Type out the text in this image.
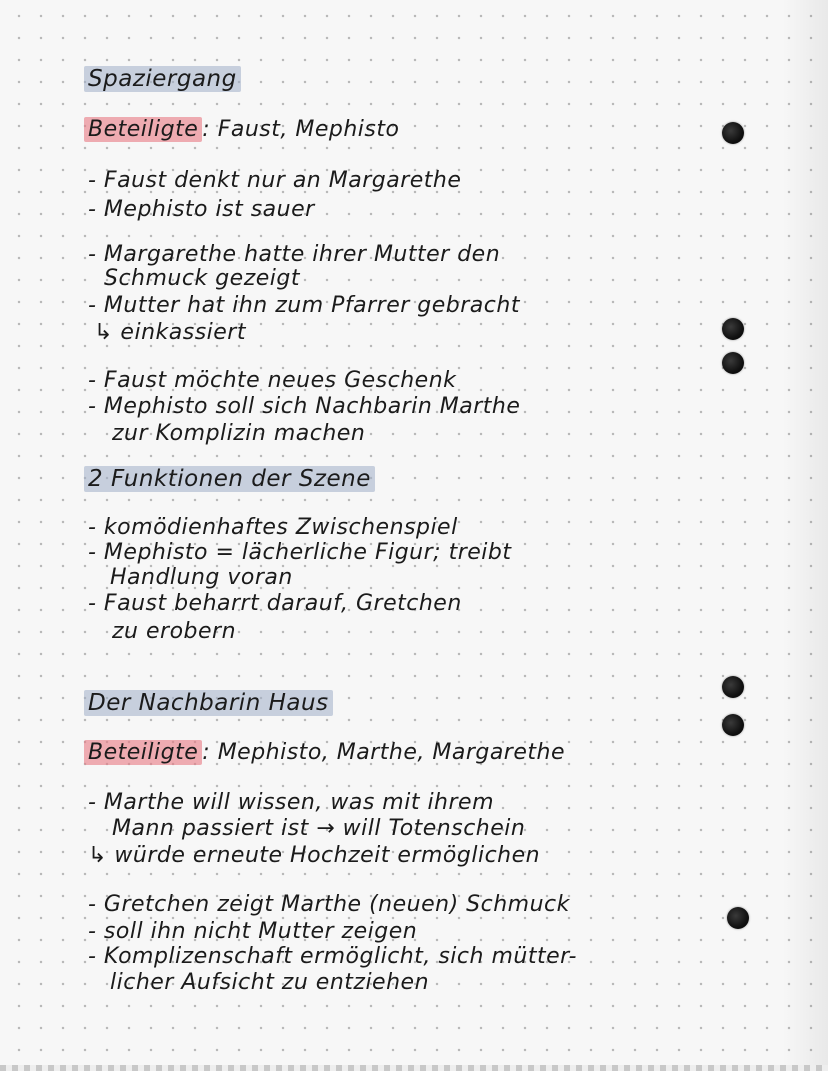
Spaziergang
Beteiligte : Faust, Mephisto
- Faust denkt nur an Margarethe
- Mephisto ist sauer
- Margarethe hatte ihrer Mutter den
Schmuck gezeigt
- Mutter hat ihn zum Pfarrer gebracht
↳ einkassiert
- Faust möchte neues Geschenk
- Mephisto soll sich Nachbarin Marthe
zur Komplizin machen
2 Funktionen der Szene
- komödienhaftes Zwischenspiel
- Mephisto = lächerliche Figur; treibt
Handlung voran
- Faust beharrt darauf, Gretchen
zu erobern
Der Nachbarin Haus
Beteiligte : Mephisto, Marthe, Margarethe
- Marthe will wissen, was mit ihrem
Mann passiert ist → will Totenschein
↳ würde erneute Hochzeit ermöglichen
- Gretchen zeigt Marthe (neuen) Schmuck
- soll ihn nicht Mutter zeigen
- Komplizenschaft ermöglicht, sich mütter-
licher Aufsicht zu entziehen
